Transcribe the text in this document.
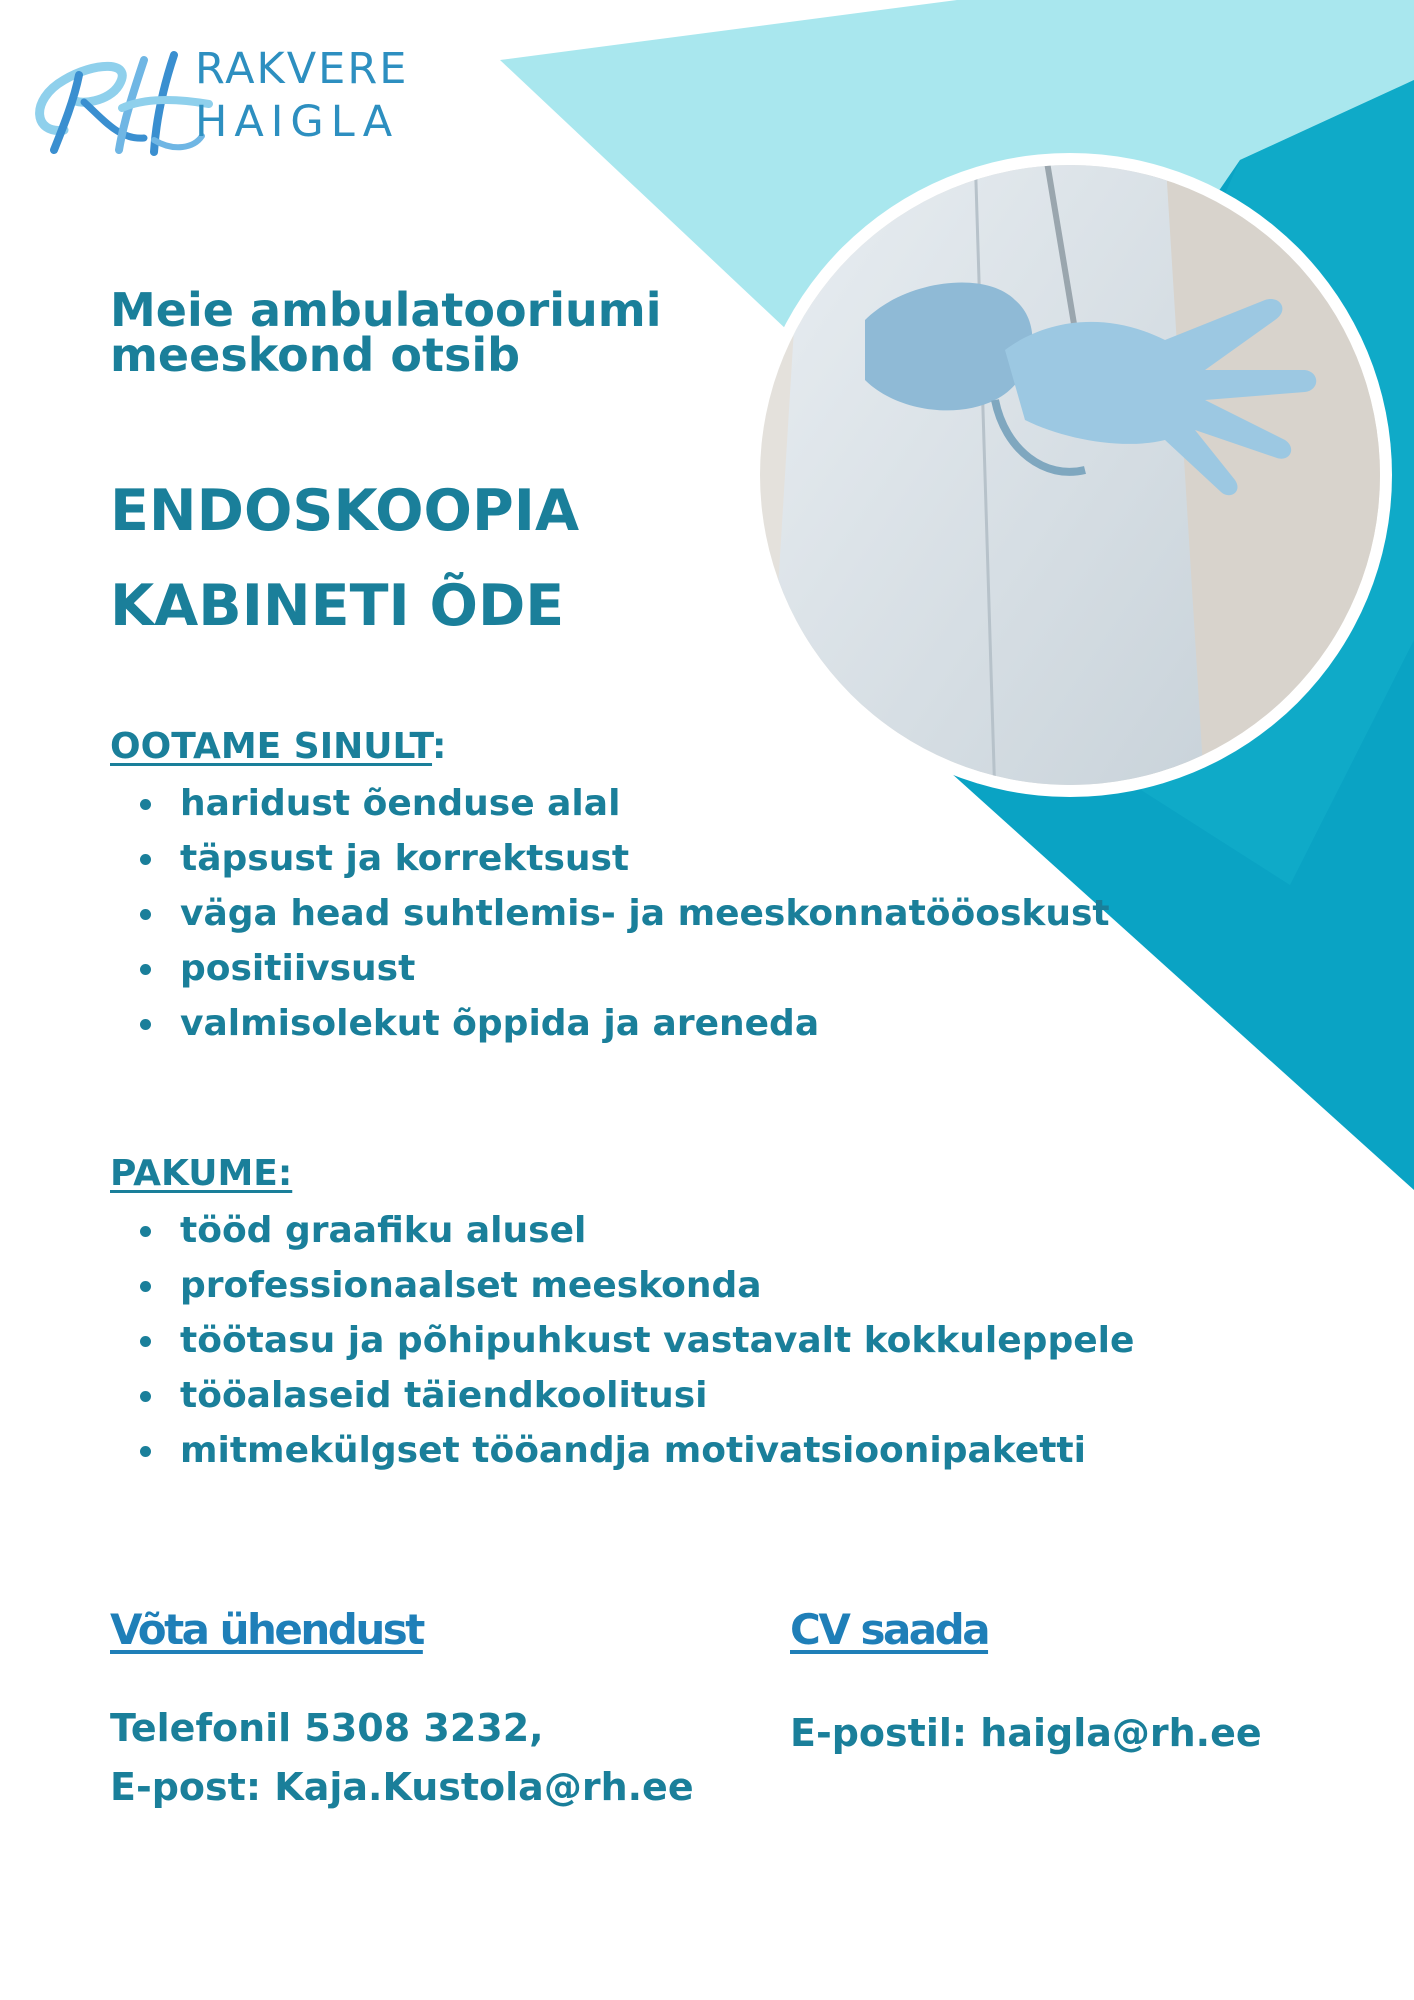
RAKVERE
HAIGLA
Meie ambulatooriumi
meeskond otsib
ENDOSKOOPIA
KABINETI ÕDE
OOTAME SINULT:
haridust õenduse alal
täpsust ja korrektsust
väga head suhtlemis- ja meeskonnatööoskust
positiivsust
valmisolekut õppida ja areneda
PAKUME:
tööd graafiku alusel
professionaalset meeskonda
töötasu ja põhipuhkust vastavalt kokkuleppele
tööalaseid täiendkoolitusi
mitmekülgset tööandja motivatsioonipaketti
Võta ühendust
Telefonil 5308 3232,
E-post: Kaja.Kustola@rh.ee
CV saada
E-postil: haigla@rh.ee
